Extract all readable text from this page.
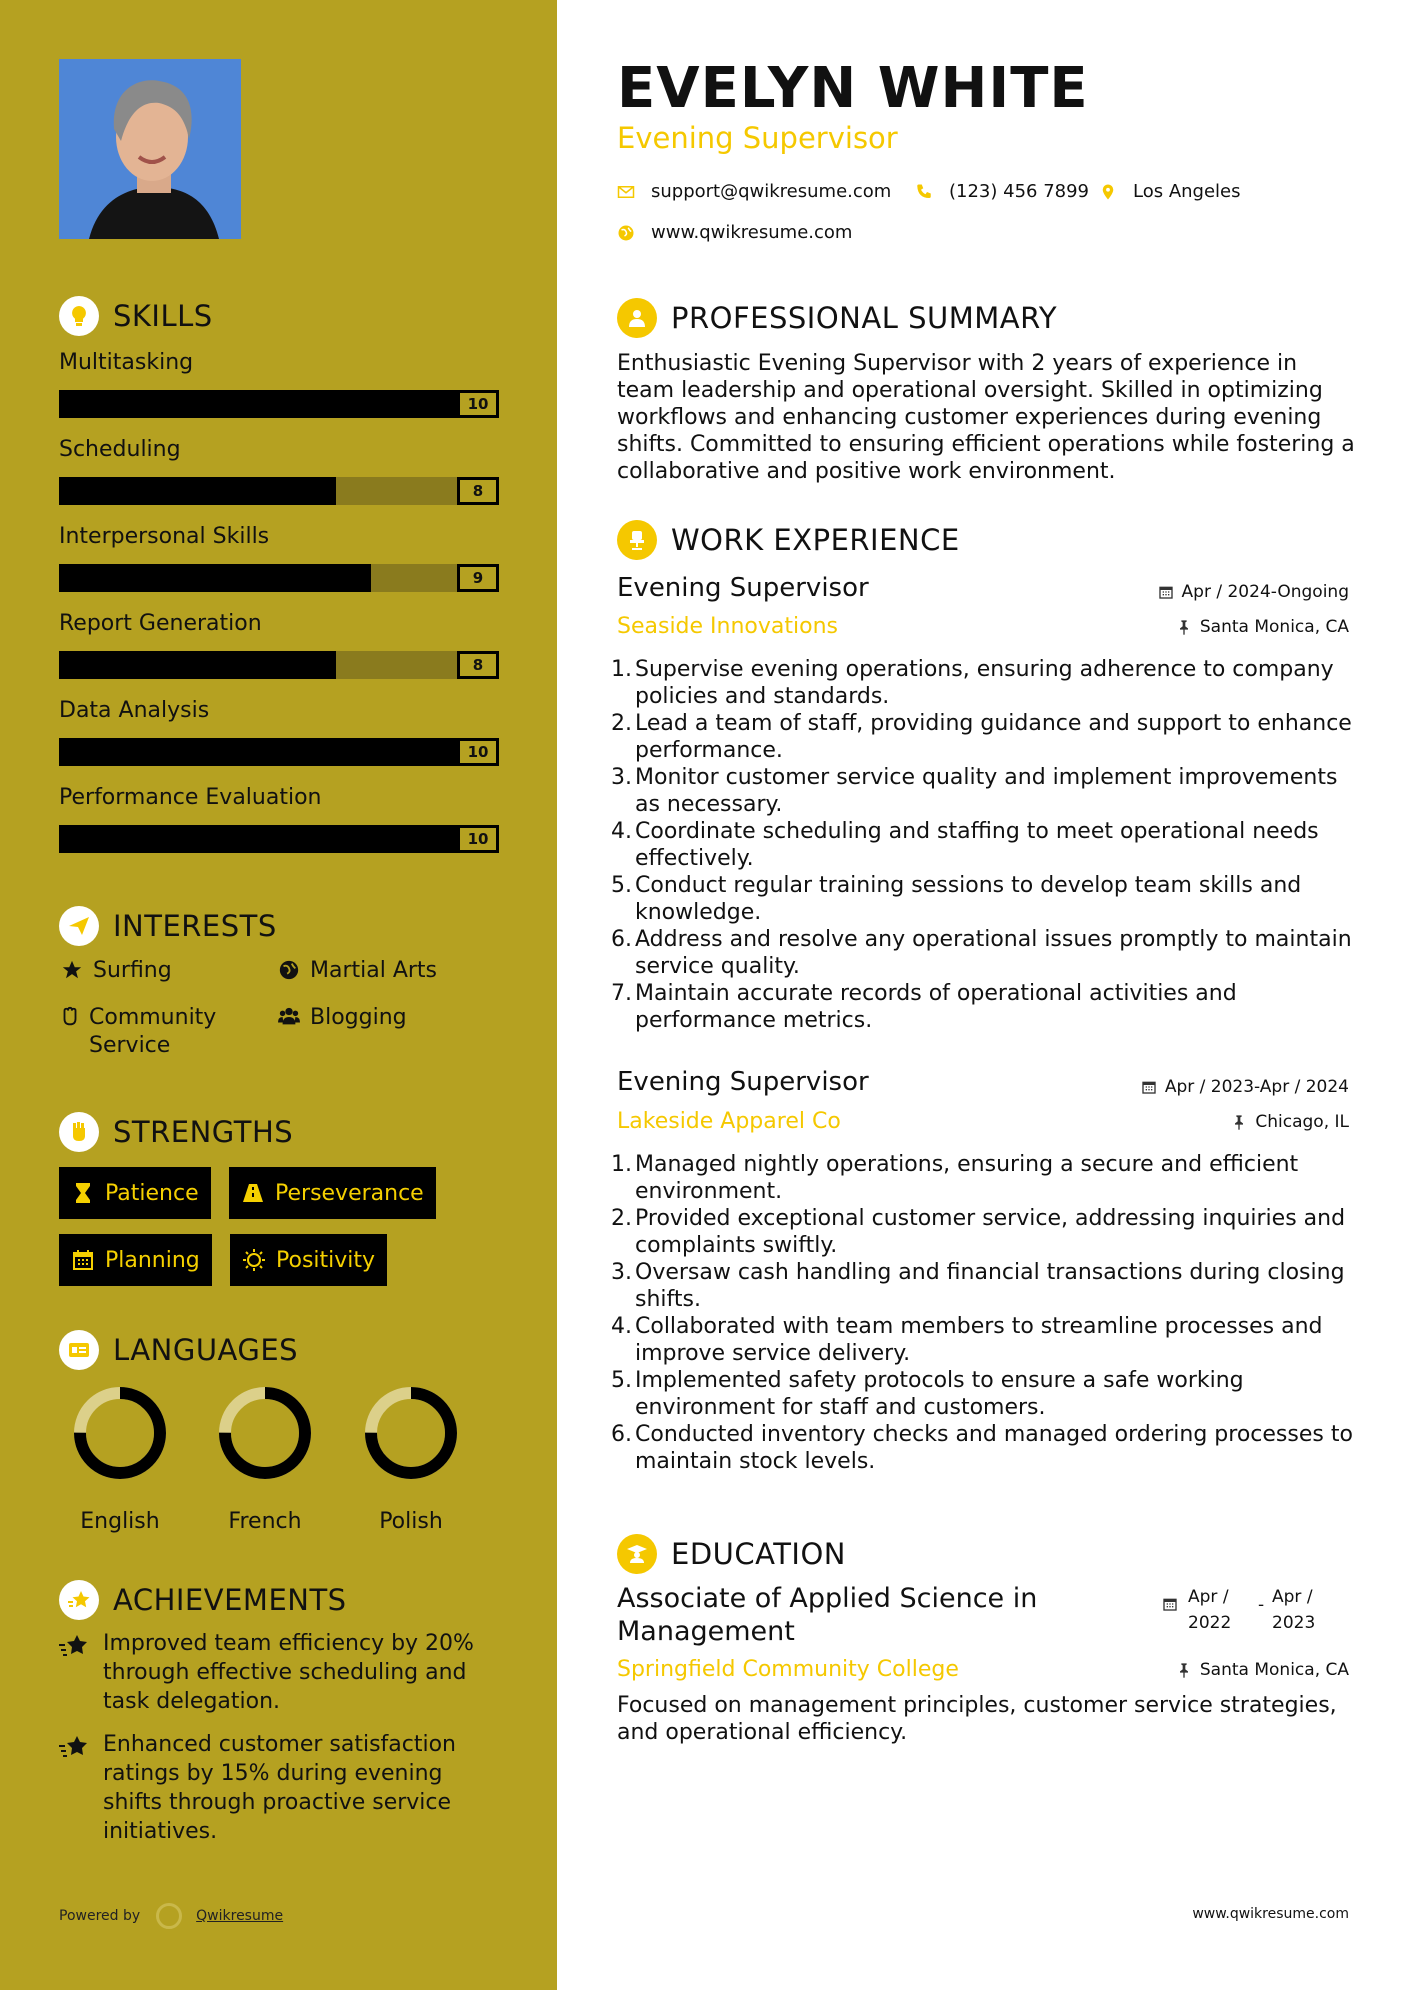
SKILLS
Multitasking
10
Scheduling
8
Interpersonal Skills
9
Report Generation
8
Data Analysis
10
Performance Evaluation
10
INTERESTS
Surfing	Martial Arts
Community Service
Blogging
STRENGTHS
Patience	Perseverance
Planning	Positivity
LANGUAGES
English	French	Polish
ACHIEVEMENTS
Improved team efficiency by 20% through effective scheduling and task delegation.
Enhanced customer satisfaction ratings by 15% during evening shifts through proactive service initiatives.
Powered by	Qwikresume
EVELYN WHITE
Evening Supervisor
support@qwikresume.com	(123) 456 7899 Los Angeles
www.qwikresume.com
PROFESSIONAL SUMMARY
Enthusiastic Evening Supervisor with 2 years of experience in team leadership and operational oversight. Skilled in optimizing workflows and enhancing customer experiences during evening shifts. Committed to ensuring efficient operations while fostering a collaborative and positive work environment.
WORK EXPERIENCE
Evening Supervisor	Apr / 2024-Ongoing
Seaside Innovations	Santa Monica, CA
1. Supervise evening operations, ensuring adherence to company policies and standards.
2. Lead a team of staff, providing guidance and support to enhance performance.
3. Monitor customer service quality and implement improvements as necessary.
4. Coordinate scheduling and staffing to meet operational needs effectively.
5. Conduct regular training sessions to develop team skills and knowledge.
6. Address and resolve any operational issues promptly to maintain service quality.
7. Maintain accurate records of operational activities and performance metrics.
Evening Supervisor	Apr / 2023-Apr / 2024
Lakeside Apparel Co	Chicago, IL
1. Managed nightly operations, ensuring a secure and efficient environment.
2. Provided exceptional customer service, addressing inquiries and complaints swiftly.
3. Oversaw cash handling and financial transactions during closing shifts.
4. Collaborated with team members to streamline processes and improve service delivery.
5. Implemented safety protocols to ensure a safe working environment for staff and customers.
6. Conducted inventory checks and managed ordering processes to maintain stock levels.
EDUCATION
Associate of Applied Science in Management
Apr / 2022
- Apr / 2023
Springfield Community College	Santa Monica, CA
Focused on management principles, customer service strategies, and operational efficiency.
www.qwikresume.com
